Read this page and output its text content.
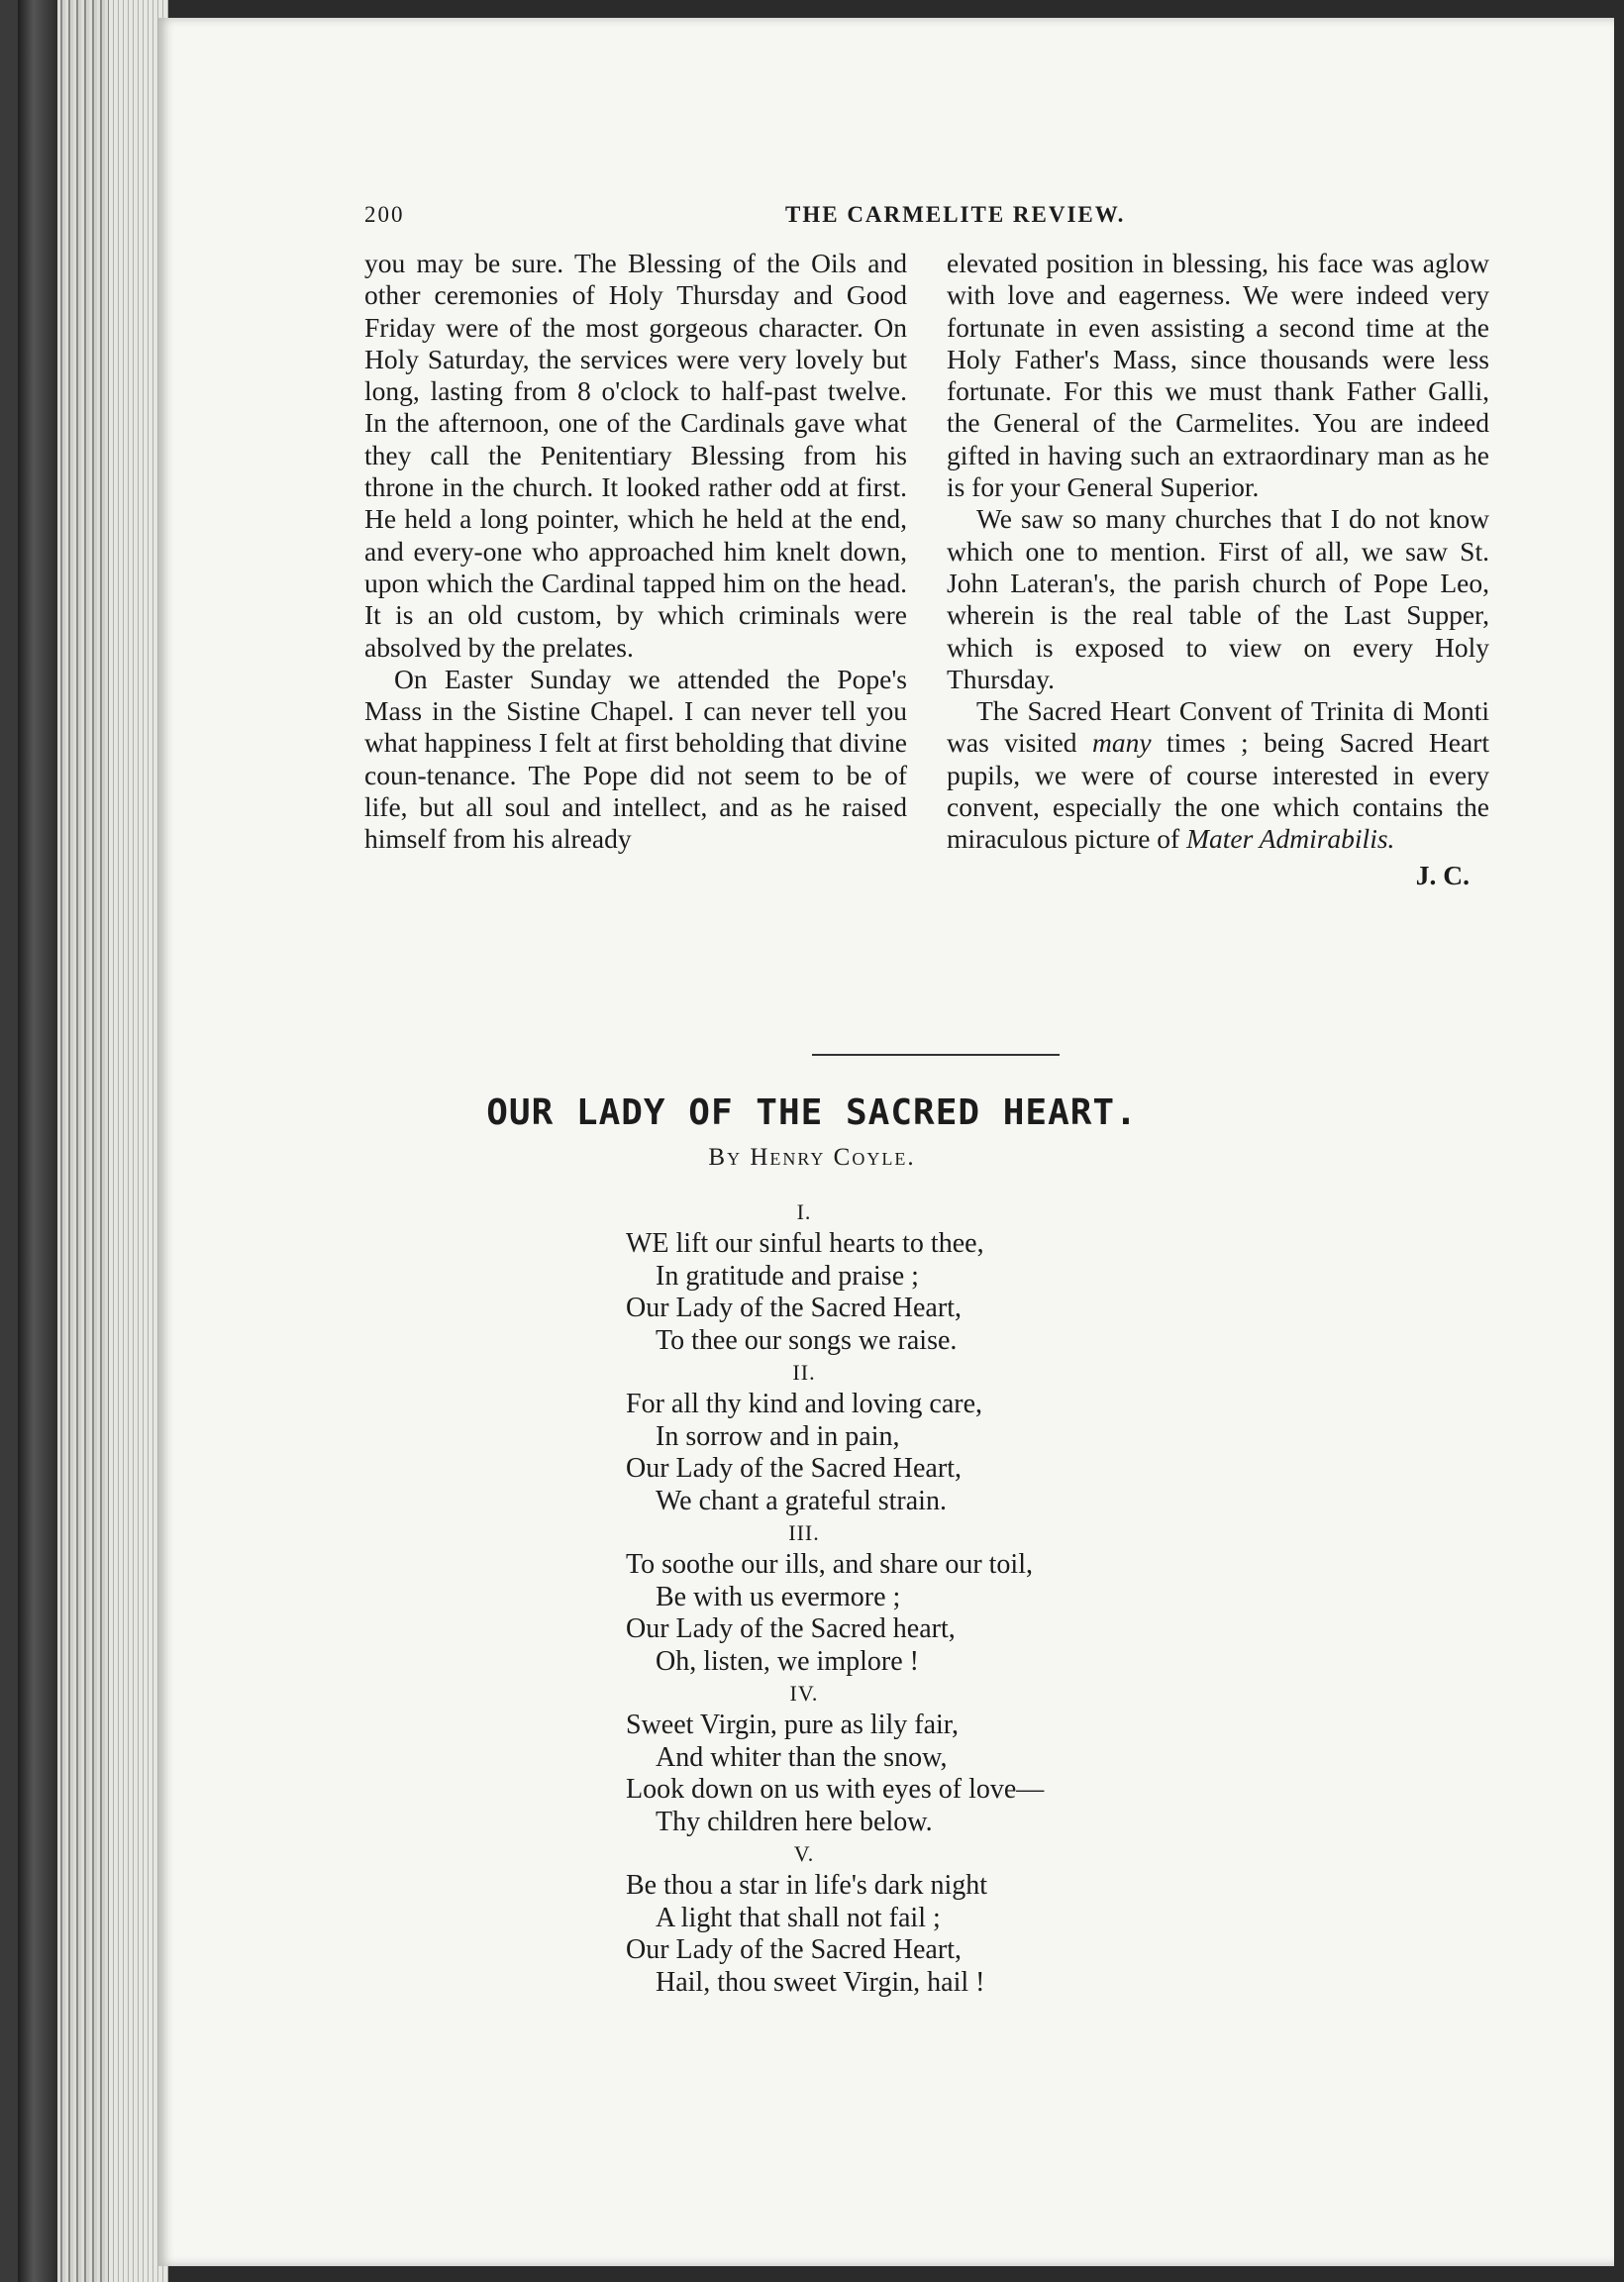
200	THE CARMELITE REVIEW.

you may be sure. The Blessing of the Oils and other ceremonies of Holy Thursday and Good Friday were of the most gorgeous character. On Holy Saturday, the services were very lovely but long, lasting from 8 o'clock to half-past twelve. In the afternoon, one of the Cardinals gave what they call the Penitentiary Blessing from his throne in the church. It looked rather odd at first. He held a long pointer, which he held at the end, and every-one who approached him knelt down, upon which the Cardinal tapped him on the head. It is an old custom, by which criminals were absolved by the prelates.

On Easter Sunday we attended the Pope's Mass in the Sistine Chapel. I can never tell you what happiness I felt at first beholding that divine coun-tenance. The Pope did not seem to be of life, but all soul and intellect, and as he raised himself from his already

elevated position in blessing, his face was aglow with love and eagerness. We were indeed very fortunate in even assisting a second time at the Holy Father's Mass, since thousands were less fortunate. For this we must thank Father Galli, the General of the Carmelites. You are indeed gifted in having such an extraordinary man as he is for your General Superior.

We saw so many churches that I do not know which one to mention. First of all, we saw St. John Lateran's, the parish church of Pope Leo, wherein is the real table of the Last Supper, which is exposed to view on every Holy Thursday.

The Sacred Heart Convent of Trinita di Monti was visited many times ; being Sacred Heart pupils, we were of course interested in every convent, especially the one which contains the miraculous picture of Mater Admirabilis.

J. C.

OUR LADY OF THE SACRED HEART.
By Henry Coyle.
I.
WE lift our sinful hearts to thee,
In gratitude and praise ;
Our Lady of the Sacred Heart,
To thee our songs we raise.
II.
For all thy kind and loving care,
In sorrow and in pain,
Our Lady of the Sacred Heart,
We chant a grateful strain.
III.
To soothe our ills, and share our toil,
Be with us evermore ;
Our Lady of the Sacred heart,
Oh, listen, we implore !
IV.
Sweet Virgin, pure as lily fair,
And whiter than the snow,
Look down on us with eyes of love—
Thy children here below.
V.
Be thou a star in life's dark night
A light that shall not fail ;
Our Lady of the Sacred Heart,
Hail, thou sweet Virgin, hail !
